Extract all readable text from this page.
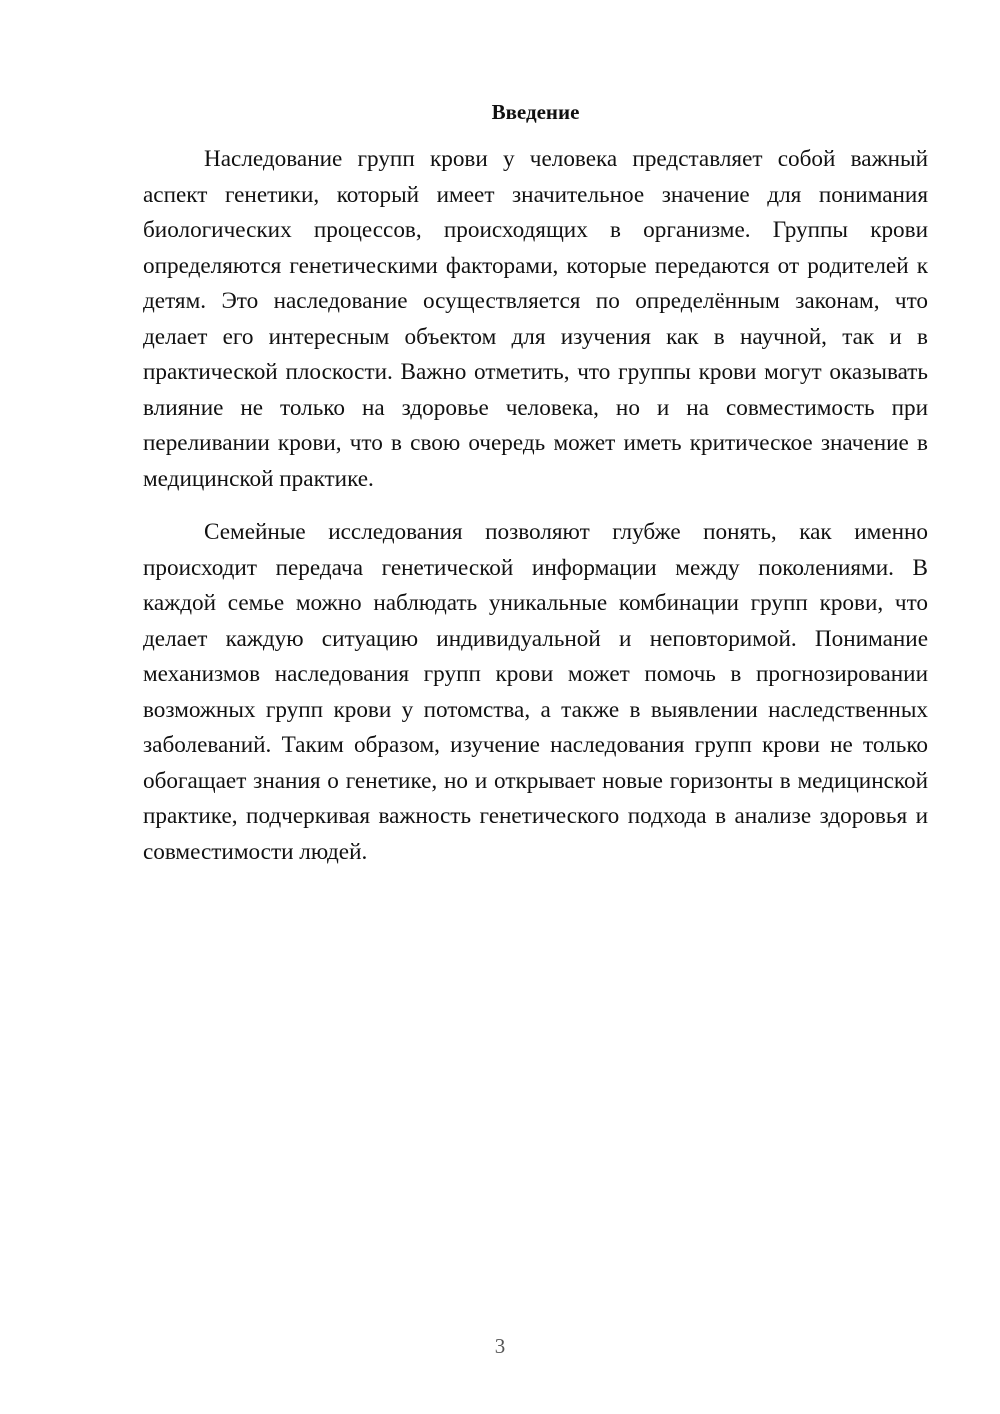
Введение

Наследование групп крови у человека представляет собой важный аспект генетики, который имеет значительное значение для понимания биологических процессов, происходящих в организме. Группы крови определяются генетическими факторами, которые передаются от родителей к детям. Это наследование осуществляется по определённым законам, что делает его интересным объектом для изучения как в научной, так и в практической плоскости. Важно отметить, что группы крови могут оказывать влияние не только на здоровье человека, но и на совместимость при переливании крови, что в свою очередь может иметь критическое значение в медицинской практике.

Семейные исследования позволяют глубже понять, как именно происходит передача генетической информации между поколениями. В каждой семье можно наблюдать уникальные комбинации групп крови, что делает каждую ситуацию индивидуальной и неповторимой. Понимание механизмов наследования групп крови может помочь в прогнозировании возможных групп крови у потомства, а также в выявлении наследственных заболеваний. Таким образом, изучение наследования групп крови не только обогащает знания о генетике, но и открывает новые горизонты в медицинской практике, подчеркивая важность генетического подхода в анализе здоровья и совместимости людей.

3
